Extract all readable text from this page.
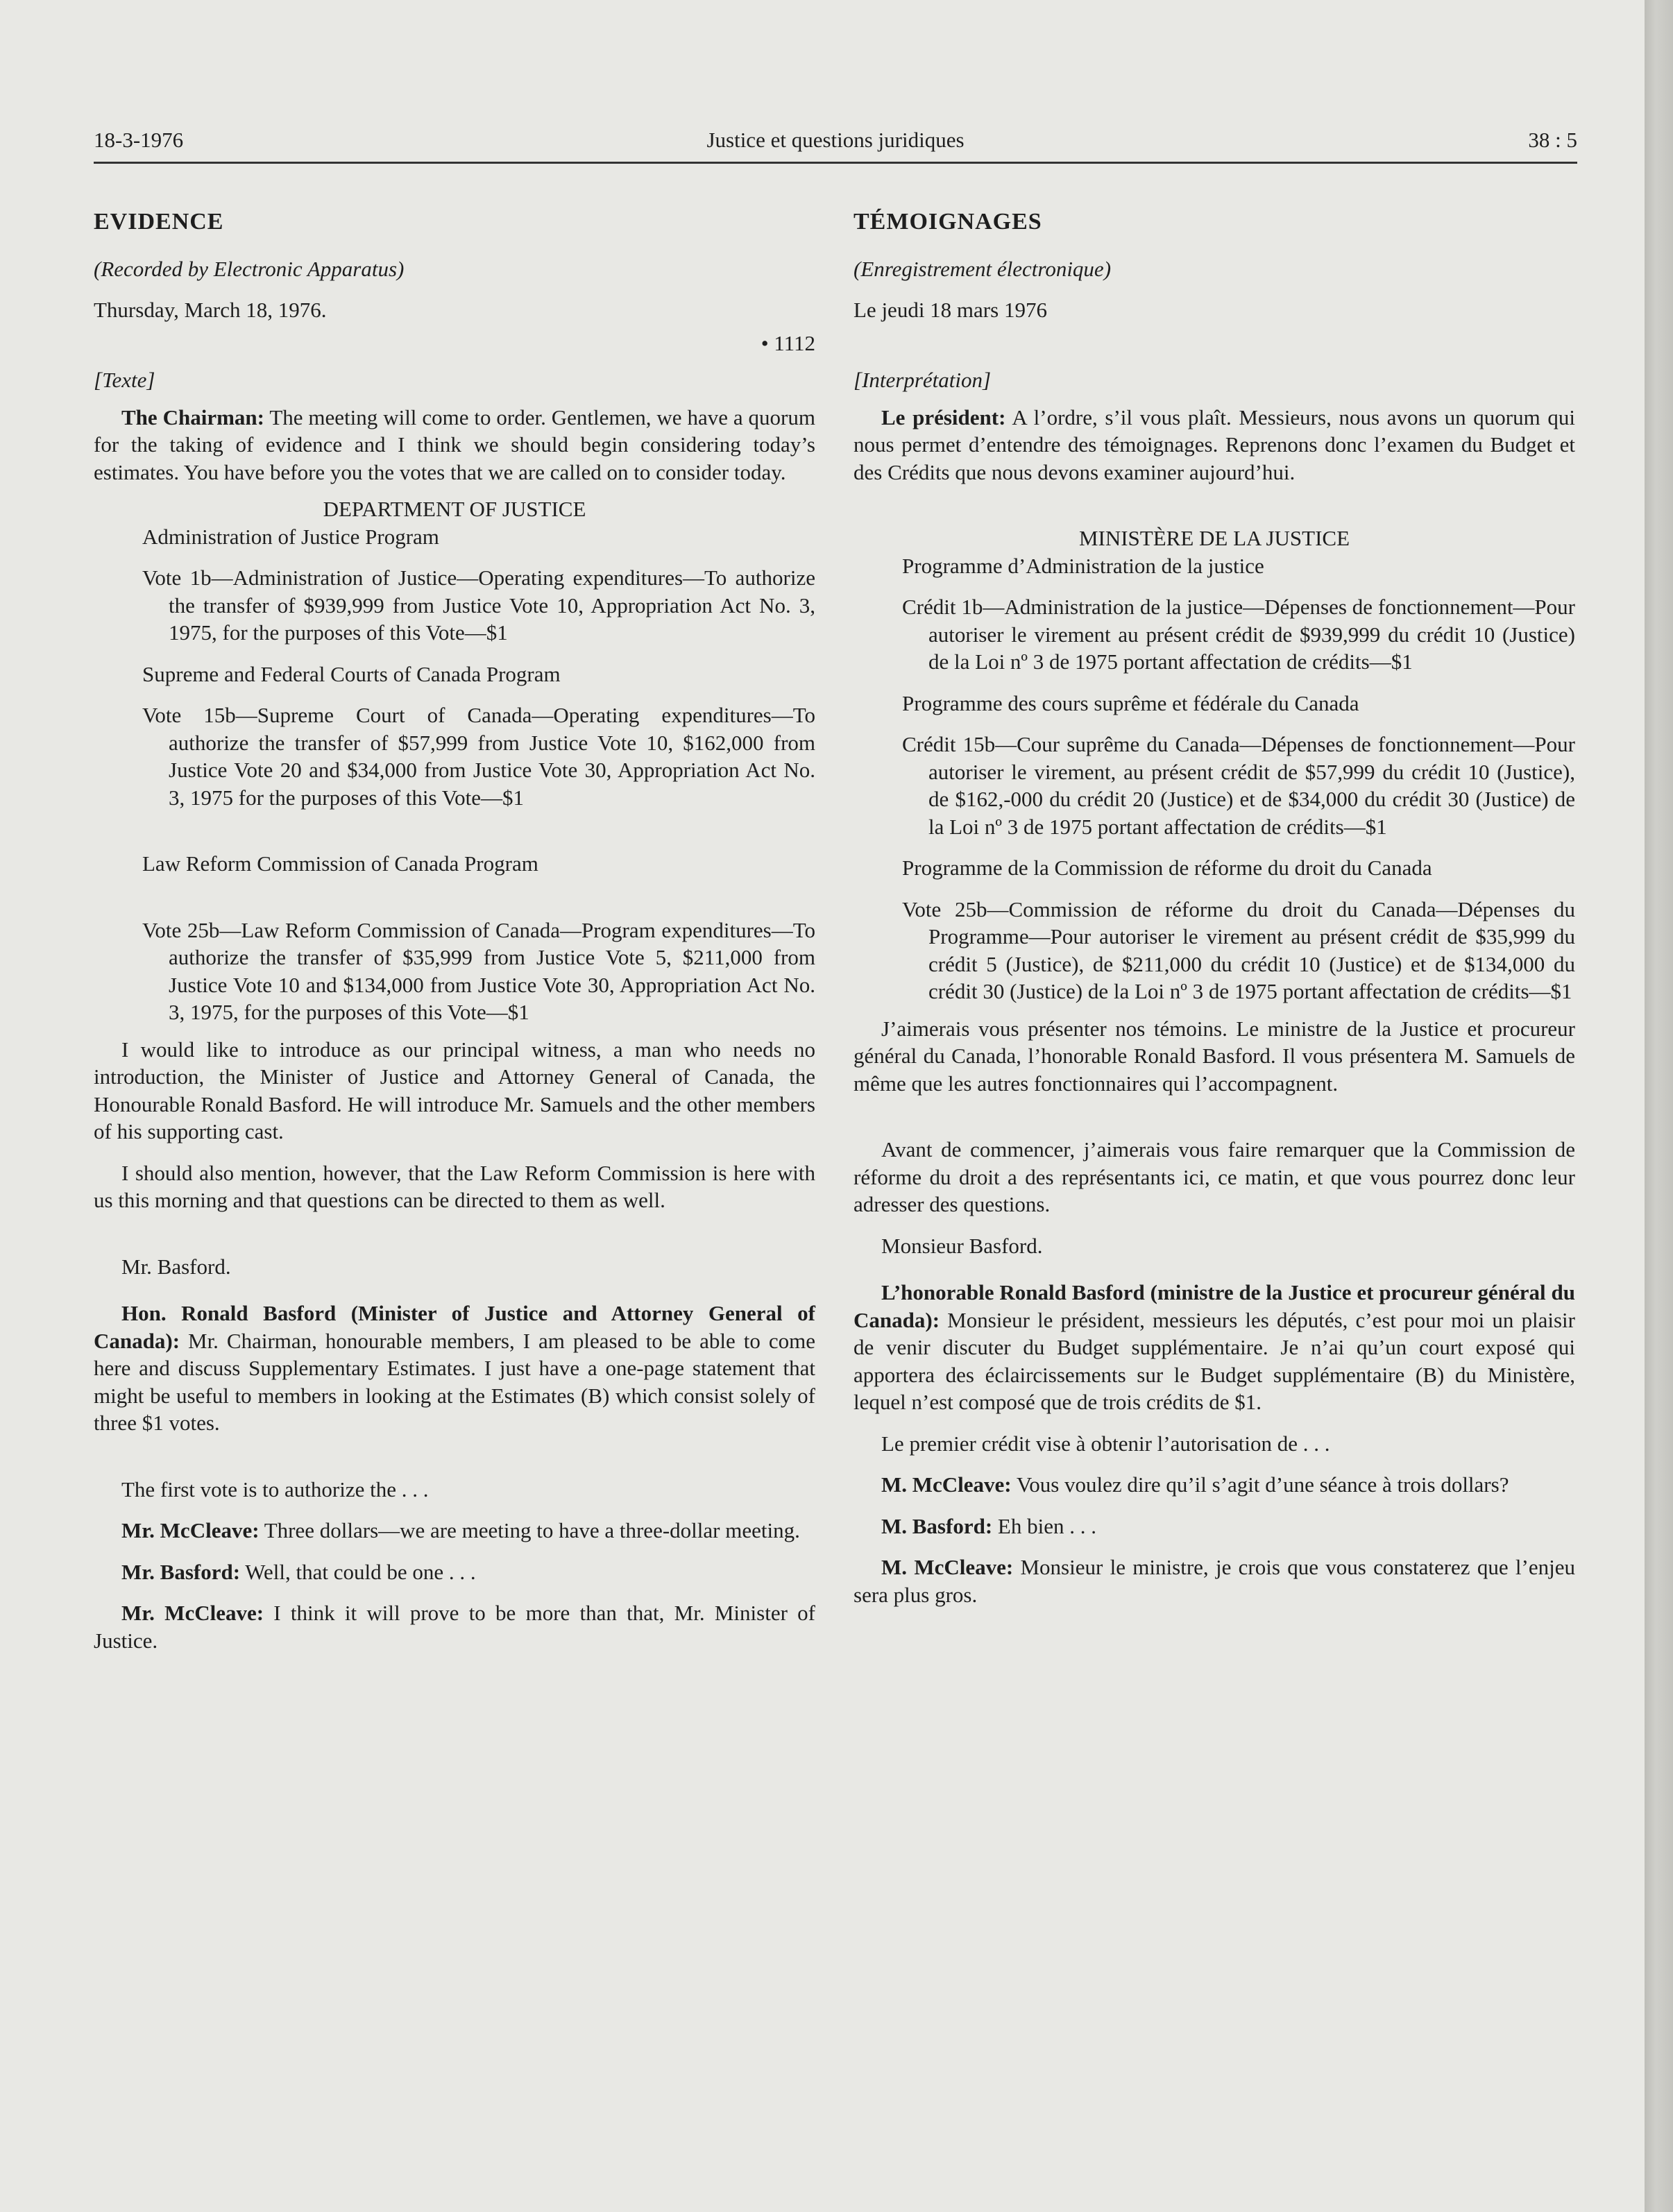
18-3-1976	Justice et questions juridiques	38 : 5

EVIDENCE

(Recorded by Electronic Apparatus)

Thursday, March 18, 1976.

• 1112

[Texte]

The Chairman: The meeting will come to order. Gentlemen, we have a quorum for the taking of evidence and I think we should begin considering today’s estimates. You have before you the votes that we are called on to consider today.

DEPARTMENT OF JUSTICE

Administration of Justice Program

Vote 1b—Administration of Justice—Operating expenditures—To authorize the transfer of $939,999 from Justice Vote 10, Appropriation Act No. 3, 1975, for the purposes of this Vote—$1

Supreme and Federal Courts of Canada Program

Vote 15b—Supreme Court of Canada—Operating expenditures—To authorize the transfer of $57,999 from Justice Vote 10, $162,000 from Justice Vote 20 and $34,000 from Justice Vote 30, Appropriation Act No. 3, 1975 for the purposes of this Vote—$1

Law Reform Commission of Canada Program

Vote 25b—Law Reform Commission of Canada—Program expenditures—To authorize the transfer of $35,999 from Justice Vote 5, $211,000 from Justice Vote 10 and $134,000 from Justice Vote 30, Appropriation Act No. 3, 1975, for the purposes of this Vote—$1

I would like to introduce as our principal witness, a man who needs no introduction, the Minister of Justice and Attorney General of Canada, the Honourable Ronald Basford. He will introduce Mr. Samuels and the other members of his supporting cast.

I should also mention, however, that the Law Reform Commission is here with us this morning and that questions can be directed to them as well.

Mr. Basford.

Hon. Ronald Basford (Minister of Justice and Attorney General of Canada): Mr. Chairman, honourable members, I am pleased to be able to come here and discuss Supplementary Estimates. I just have a one-page statement that might be useful to members in looking at the Estimates (B) which consist solely of three $1 votes.

The first vote is to authorize the . . .

Mr. McCleave: Three dollars—we are meeting to have a three-dollar meeting.

Mr. Basford: Well, that could be one . . .

Mr. McCleave: I think it will prove to be more than that, Mr. Minister of Justice.

TÉMOIGNAGES

(Enregistrement électronique)

Le jeudi 18 mars 1976

[Interprétation]

Le président: A l’ordre, s’il vous plaît. Messieurs, nous avons un quorum qui nous permet d’entendre des témoignages. Reprenons donc l’examen du Budget et des Crédits que nous devons examiner aujourd’hui.

MINISTÈRE DE LA JUSTICE

Programme d’Administration de la justice

Crédit 1b—Administration de la justice—Dépenses de fonctionnement—Pour autoriser le virement au présent crédit de $939,999 du crédit 10 (Justice) de la Loi nº 3 de 1975 portant affectation de crédits—$1

Programme des cours suprême et fédérale du Canada

Crédit 15b—Cour suprême du Canada—Dépenses de fonctionnement—Pour autoriser le virement, au présent crédit de $57,999 du crédit 10 (Justice), de $162,-000 du crédit 20 (Justice) et de $34,000 du crédit 30 (Justice) de la Loi nº 3 de 1975 portant affectation de crédits—$1

Programme de la Commission de réforme du droit du Canada

Vote 25b—Commission de réforme du droit du Canada—Dépenses du Programme—Pour autoriser le virement au présent crédit de $35,999 du crédit 5 (Justice), de $211,000 du crédit 10 (Justice) et de $134,000 du crédit 30 (Justice) de la Loi nº 3 de 1975 portant affectation de crédits—$1

J’aimerais vous présenter nos témoins. Le ministre de la Justice et procureur général du Canada, l’honorable Ronald Basford. Il vous présentera M. Samuels de même que les autres fonctionnaires qui l’accompagnent.

Avant de commencer, j’aimerais vous faire remarquer que la Commission de réforme du droit a des représentants ici, ce matin, et que vous pourrez donc leur adresser des questions.

Monsieur Basford.

L’honorable Ronald Basford (ministre de la Justice et procureur général du Canada): Monsieur le président, messieurs les députés, c’est pour moi un plaisir de venir discuter du Budget supplémentaire. Je n’ai qu’un court exposé qui apportera des éclaircissements sur le Budget supplémentaire (B) du Ministère, lequel n’est composé que de trois crédits de $1.

Le premier crédit vise à obtenir l’autorisation de . . .

M. McCleave: Vous voulez dire qu’il s’agit d’une séance à trois dollars?

M. Basford: Eh bien . . .

M. McCleave: Monsieur le ministre, je crois que vous constaterez que l’enjeu sera plus gros.
